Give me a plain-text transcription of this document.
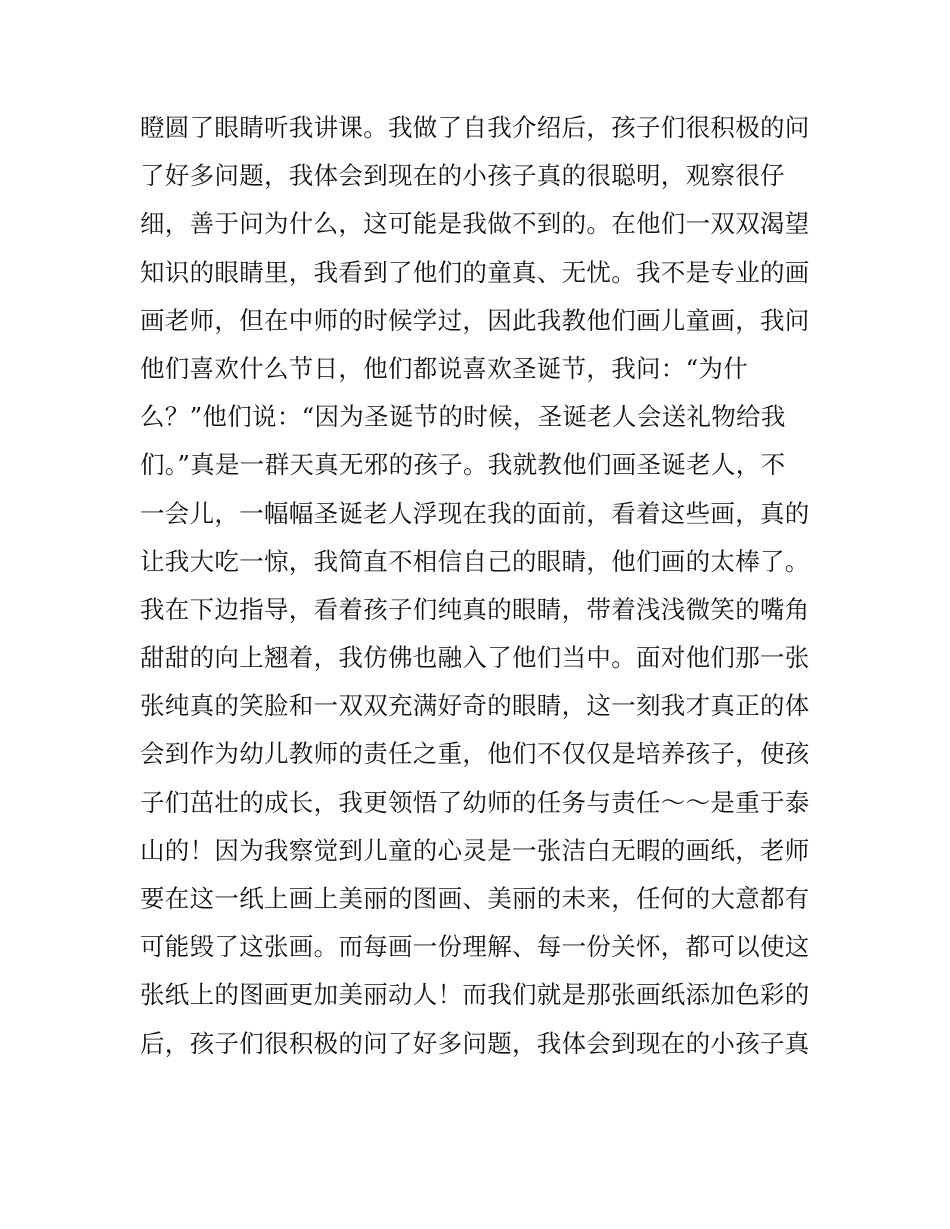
瞪圆了眼睛听我讲课。我做了自我介绍后，孩子们很积极的问
了好多问题，我体会到现在的小孩子真的很聪明，观察很仔
细，善于问为什么，这可能是我做不到的。在他们一双双渴望
知识的眼睛里，我看到了他们的童真、无忧。我不是专业的画
画老师，但在中师的时候学过，因此我教他们画儿童画，我问
他们喜欢什么节日，他们都说喜欢圣诞节，我问：“为什
么？”他们说：“因为圣诞节的时候，圣诞老人会送礼物给我
们。”真是一群天真无邪的孩子。我就教他们画圣诞老人，不
一会儿，一幅幅圣诞老人浮现在我的面前，看着这些画，真的
让我大吃一惊，我简直不相信自己的眼睛，他们画的太棒了。
我在下边指导，看着孩子们纯真的眼睛，带着浅浅微笑的嘴角
甜甜的向上翘着，我仿佛也融入了他们当中。面对他们那一张
张纯真的笑脸和一双双充满好奇的眼睛，这一刻我才真正的体
会到作为幼儿教师的责任之重，他们不仅仅是培养孩子，使孩
子们茁壮的成长，我更领悟了幼师的任务与责任～～是重于泰
山的！因为我察觉到儿童的心灵是一张洁白无暇的画纸，老师
要在这一纸上画上美丽的图画、美丽的未来，任何的大意都有
可能毁了这张画。而每画一份理解、每一份关怀，都可以使这
张纸上的图画更加美丽动人！而我们就是那张画纸添加色彩的
后，孩子们很积极的问了好多问题，我体会到现在的小孩子真
